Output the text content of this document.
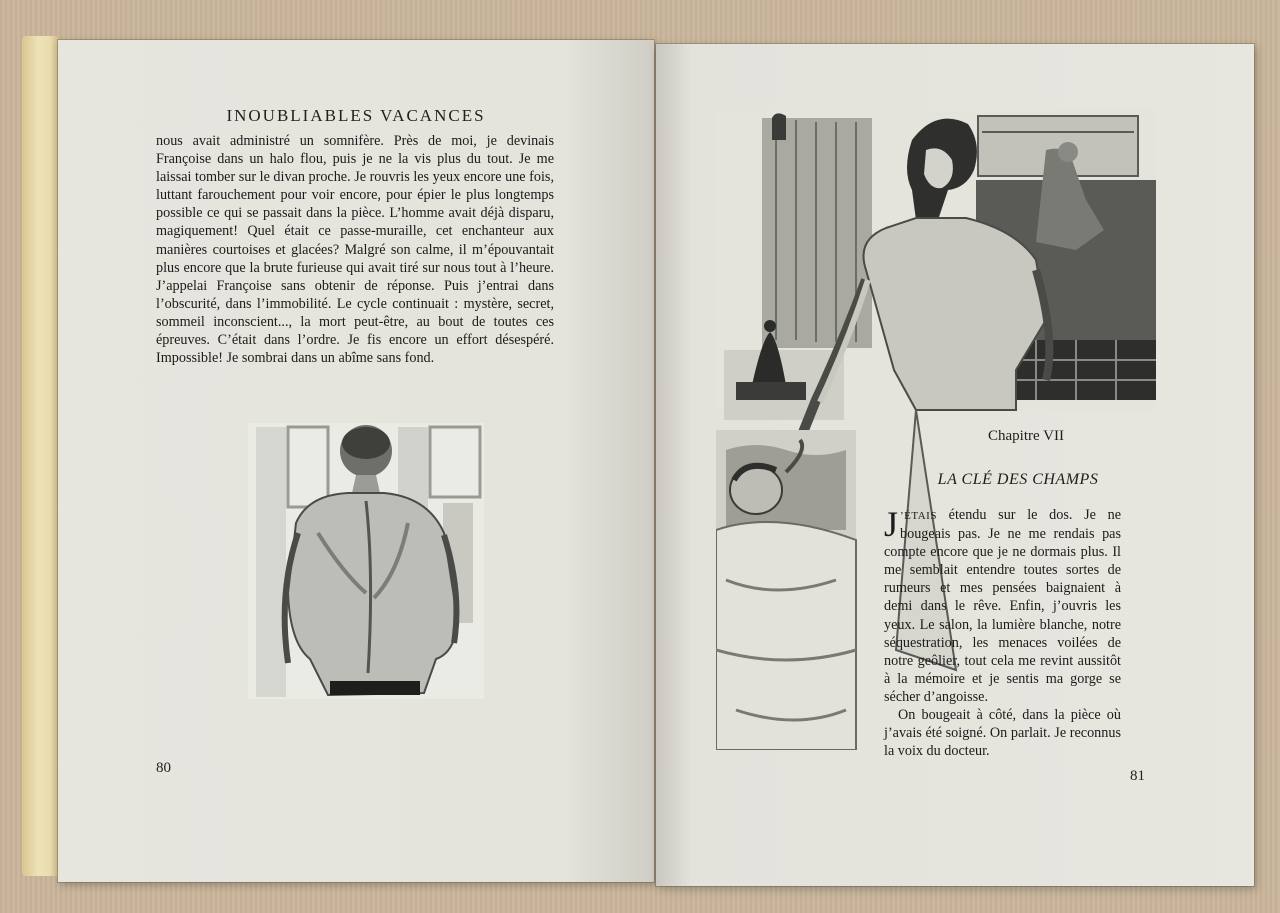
INOUBLIABLES VACANCES

nous avait administré un somnifère. Près de moi, je devinais Françoise dans un halo flou, puis je ne la vis plus du tout. Je me laissai tomber sur le divan proche. Je rouvris les yeux encore une fois, luttant farouchement pour voir encore, pour épier le plus longtemps possible ce qui se passait dans la pièce. L’homme avait déjà disparu, magiquement! Quel était ce passe-muraille, cet enchanteur aux manières courtoises et glacées? Malgré son calme, il m’épouvantait plus encore que la brute furieuse qui avait tiré sur nous tout à l’heure. J’appelai Françoise sans obtenir de réponse. Puis j’entrai dans l’obscurité, dans l’immobilité. Le cycle continuait : mystère, secret, sommeil inconscient..., la mort peut-être, au bout de toutes ces épreuves. C’était dans l’ordre. Je fis encore un effort désespéré. Impossible! Je sombrai dans un abîme sans fond.

80
Chapitre VII
LA CLÉ DES CHAMPS

J ’ÉTAIS étendu sur le dos. Je ne bougeais pas. Je ne me rendais pas compte encore que je ne dormais plus. Il me semblait entendre toutes sortes de rumeurs et mes pensées baignaient à demi dans le rêve. Enfin, j’ouvris les yeux. Le salon, la lumière blanche, notre séquestration, les menaces voilées de notre geôlier, tout cela me revint aussitôt à la mémoire et je sentis ma gorge se sécher d’angoisse.

On bougeait à côté, dans la pièce où j’avais été soigné. On parlait. Je reconnus la voix du docteur.

81
